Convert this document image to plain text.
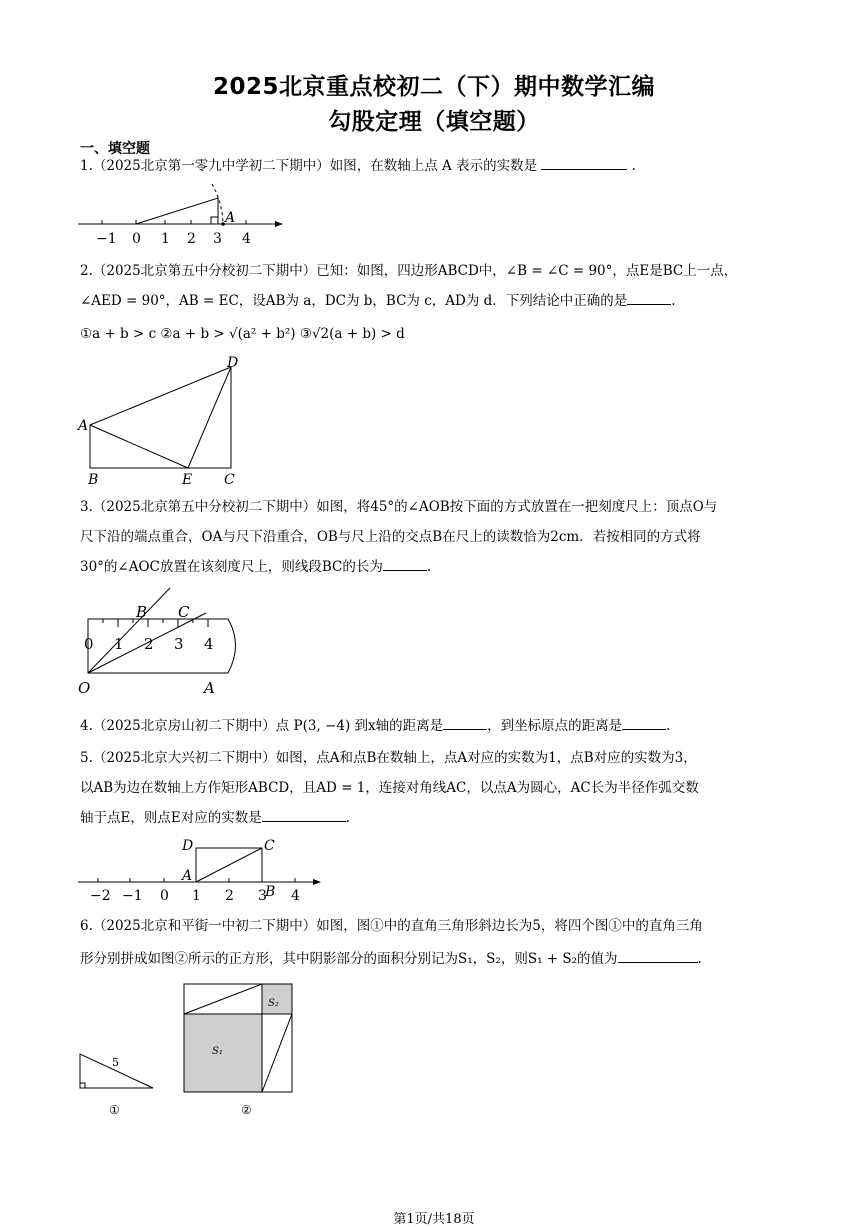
2025北京重点校初二（下）期中数学汇编
勾股定理（填空题）
一、填空题
1.（2025北京第一零九中学初二下期中）如图，在数轴上点 A 表示的实数是	.
−1 0 1 2 3 4
A
2.（2025北京第五中分校初二下期中）已知：如图，四边形ABCD中，∠B = ∠C = 90°，点E是BC上一点，
∠AED = 90°，AB = EC，设AB为 a，DC为 b，BC为 c，AD为 d．下列结论中正确的是	.
①a + b > c ②a + b > √(a² + b²) ③√2(a + b) > d
A
B	E C
D
3.（2025北京第五中分校初二下期中）如图，将45°的∠AOB按下面的方式放置在一把刻度尺上：顶点O与
尺下沿的端点重合，OA与尺下沿重合，OB与尺上沿的交点B在尺上的读数恰为2cm．若按相同的方式将
30°的∠AOC放置在该刻度尺上，则线段BC的长为	.
0 1 2 3 4
B C
O	A
4.（2025北京房山初二下期中）点 P(3, −4) 到x轴的距离是	，到坐标原点的距离是	.
5.（2025北京大兴初二下期中）如图，点A和点B在数轴上，点A对应的实数为1，点B对应的实数为3，
以AB为边在数轴上方作矩形ABCD，且AD = 1，连接对角线AC，以点A为圆心，AC长为半径作弧交数
轴于点E，则点E对应的实数是	.
−2 −1 0 1 2 3 4
A
B
C
D
6.（2025北京和平街一中初二下期中）如图，图①中的直角三角形斜边长为5，将四个图①中的直角三角
形分别拼成如图②所示的正方形，其中阴影部分的面积分别记为S₁，S₂，则S₁ + S₂的值为	.
5
①
S₂
S₁
②
第1页/共18页
